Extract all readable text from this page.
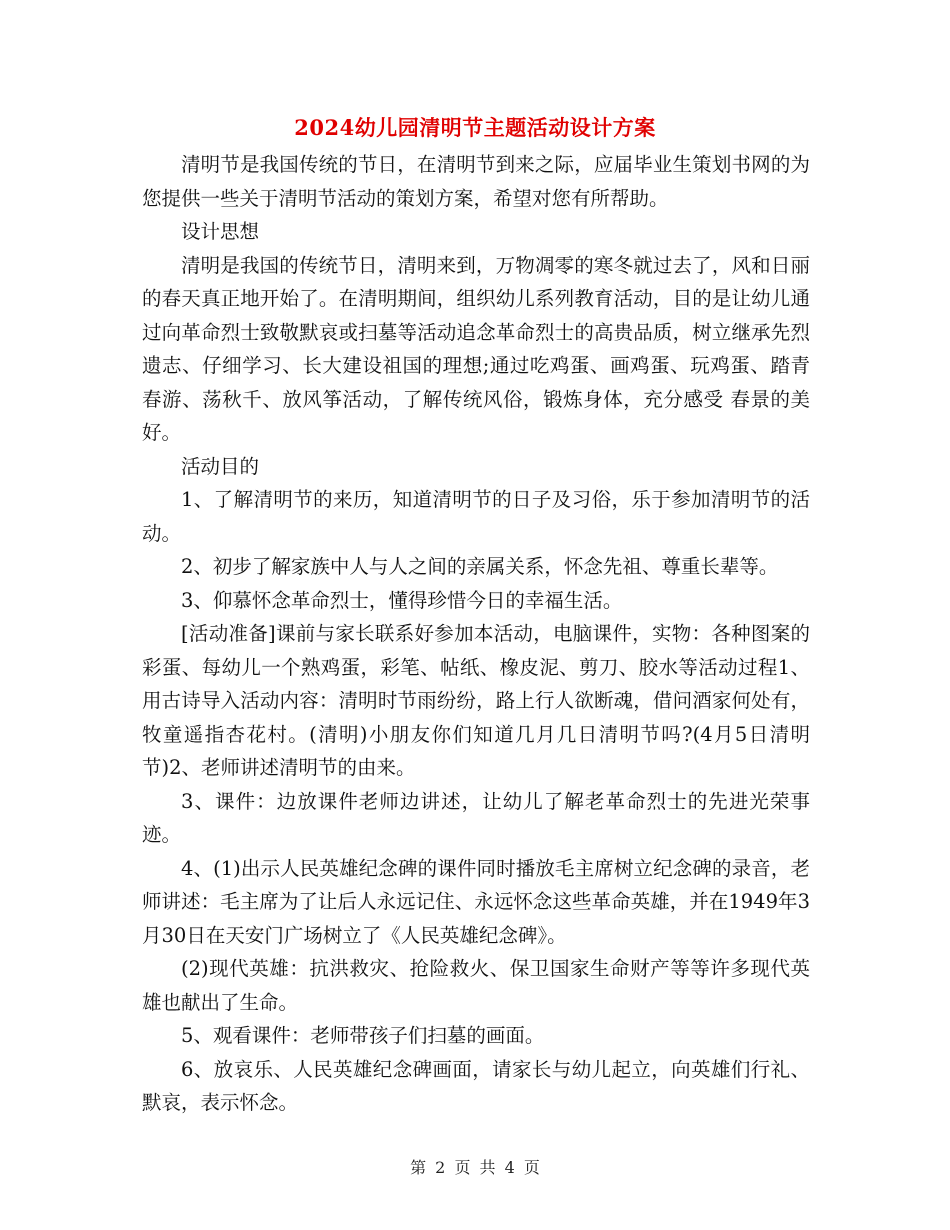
2024幼儿园清明节主题活动设计方案

清明节是我国传统的节日，在清明节到来之际，应届毕业生策划书网的为您提供一些关于清明节活动的策划方案，希望对您有所帮助。

设计思想

清明是我国的传统节日，清明来到，万物凋零的寒冬就过去了，风和日丽的春天真正地开始了。在清明期间，组织幼儿系列教育活动，目的是让幼儿通过向革命烈士致敬默哀或扫墓等活动追念革命烈士的高贵品质，树立继承先烈遗志、仔细学习、长大建设祖国的理想;通过吃鸡蛋、画鸡蛋、玩鸡蛋、踏青春游、荡秋千、放风筝活动，了解传统风俗，锻炼身体，充分感受 春景的美好。

活动目的

1、了解清明节的来历，知道清明节的日子及习俗，乐于参加清明节的活动。

2、初步了解家族中人与人之间的亲属关系，怀念先祖、尊重长辈等。

3、仰慕怀念革命烈士，懂得珍惜今日的幸福生活。

[活动准备]课前与家长联系好参加本活动，电脑课件，实物：各种图案的彩蛋、每幼儿一个熟鸡蛋，彩笔、帖纸、橡皮泥、剪刀、胶水等活动过程1、用古诗导入活动内容：清明时节雨纷纷，路上行人欲断魂，借问酒家何处有，牧童遥指杏花村。(清明)小朋友你们知道几月几日清明节吗?(4月5日清明节)2、老师讲述清明节的由来。

3、课件：边放课件老师边讲述，让幼儿了解老革命烈士的先进光荣事迹。

4、(1)出示人民英雄纪念碑的课件同时播放毛主席树立纪念碑的录音，老师讲述：毛主席为了让后人永远记住、永远怀念这些革命英雄，并在1949年3月30日在天安门广场树立了《人民英雄纪念碑》。

(2)现代英雄：抗洪救灾、抢险救火、保卫国家生命财产等等许多现代英雄也献出了生命。

5、观看课件：老师带孩子们扫墓的画面。

6、放哀乐、人民英雄纪念碑画面，请家长与幼儿起立，向英雄们行礼、默哀，表示怀念。

第 2 页 共 4 页
